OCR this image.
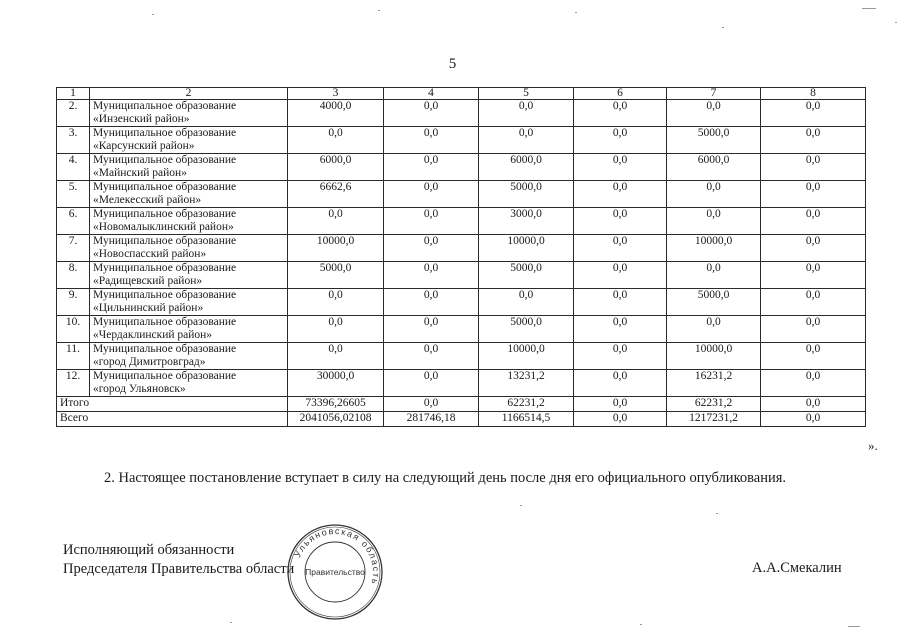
5
1	2	3	4	5	6	7	8
2.	Муниципальное образование
«Инзенский район»	4000,0	0,0	0,0	0,0	0,0	0,0
3.	Муниципальное образование
«Карсунский район»	0,0	0,0	0,0	0,0	5000,0	0,0
4.	Муниципальное образование
«Майнский район»	6000,0	0,0	6000,0	0,0	6000,0	0,0
5.	Муниципальное образование
«Мелекесский район»	6662,6	0,0	5000,0	0,0	0,0	0,0
6.	Муниципальное образование
«Новомалыклинский район»	0,0	0,0	3000,0	0,0	0,0	0,0
7.	Муниципальное образование
«Новоспасский район»	10000,0	0,0	10000,0	0,0	10000,0	0,0
8.	Муниципальное образование
«Радищевский район»	5000,0	0,0	5000,0	0,0	0,0	0,0
9.	Муниципальное образование
«Цильнинский район»	0,0	0,0	0,0	0,0	5000,0	0,0
10.	Муниципальное образование
«Чердаклинский район»	0,0	0,0	5000,0	0,0	0,0	0,0
11.	Муниципальное образование
«город Димитровград»	0,0	0,0	10000,0	0,0	10000,0	0,0
12.	Муниципальное образование
«город Ульяновск»	30000,0	0,0	13231,2	0,0	16231,2	0,0
Итого		73396,26605	0,0	62231,2	0,0	62231,2	0,0
Всего		2041056,02108	281746,18	1166514,5	0,0	1217231,2	0,0
».
2. Настоящее постановление вступает в силу на следующий день после дня его официального опубликования.
Исполняющий обязанности
Председателя Правительства области
Ульяновская область
Правительство	А.А.Смекалин
